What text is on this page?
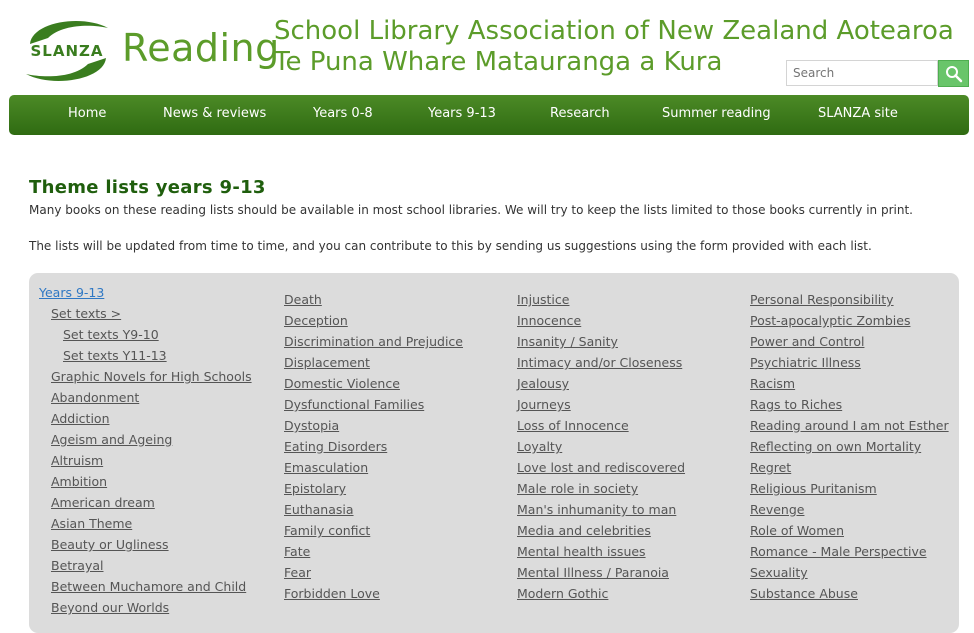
SLANZA Reading
School Library Association of New Zealand Aotearoa
Te Puna Whare Matauranga a Kura
Search
Home	News & reviews	Years 0-8	Years 9-13	Research	Summer reading	SLANZA site
Theme lists years 9-13
Many books on these reading lists should be available in most school libraries. We will try to keep the lists limited to those books currently in print.
The lists will be updated from time to time, and you can contribute to this by sending us suggestions using the form provided with each list.
Years 9-13
Set texts >
Set texts Y9-10
Set texts Y11-13
Graphic Novels for High Schools
Abandonment
Addiction
Ageism and Ageing
Altruism
Ambition
American dream
Asian Theme
Beauty or Ugliness
Betrayal
Between Muchamore and Child
Beyond our Worlds
Death
Deception
Discrimination and Prejudice
Displacement
Domestic Violence
Dysfunctional Families
Dystopia
Eating Disorders
Emasculation
Epistolary
Euthanasia
Family confict
Fate
Fear
Forbidden Love
Injustice
Innocence
Insanity / Sanity
Intimacy and/or Closeness
Jealousy
Journeys
Loss of Innocence
Loyalty
Love lost and rediscovered
Male role in society
Man's inhumanity to man
Media and celebrities
Mental health issues
Mental Illness / Paranoia
Modern Gothic
Personal Responsibility
Post-apocalyptic Zombies
Power and Control
Psychiatric Illness
Racism
Rags to Riches
Reading around I am not Esther
Reflecting on own Mortality
Regret
Religious Puritanism
Revenge
Role of Women
Romance - Male Perspective
Sexuality
Substance Abuse
